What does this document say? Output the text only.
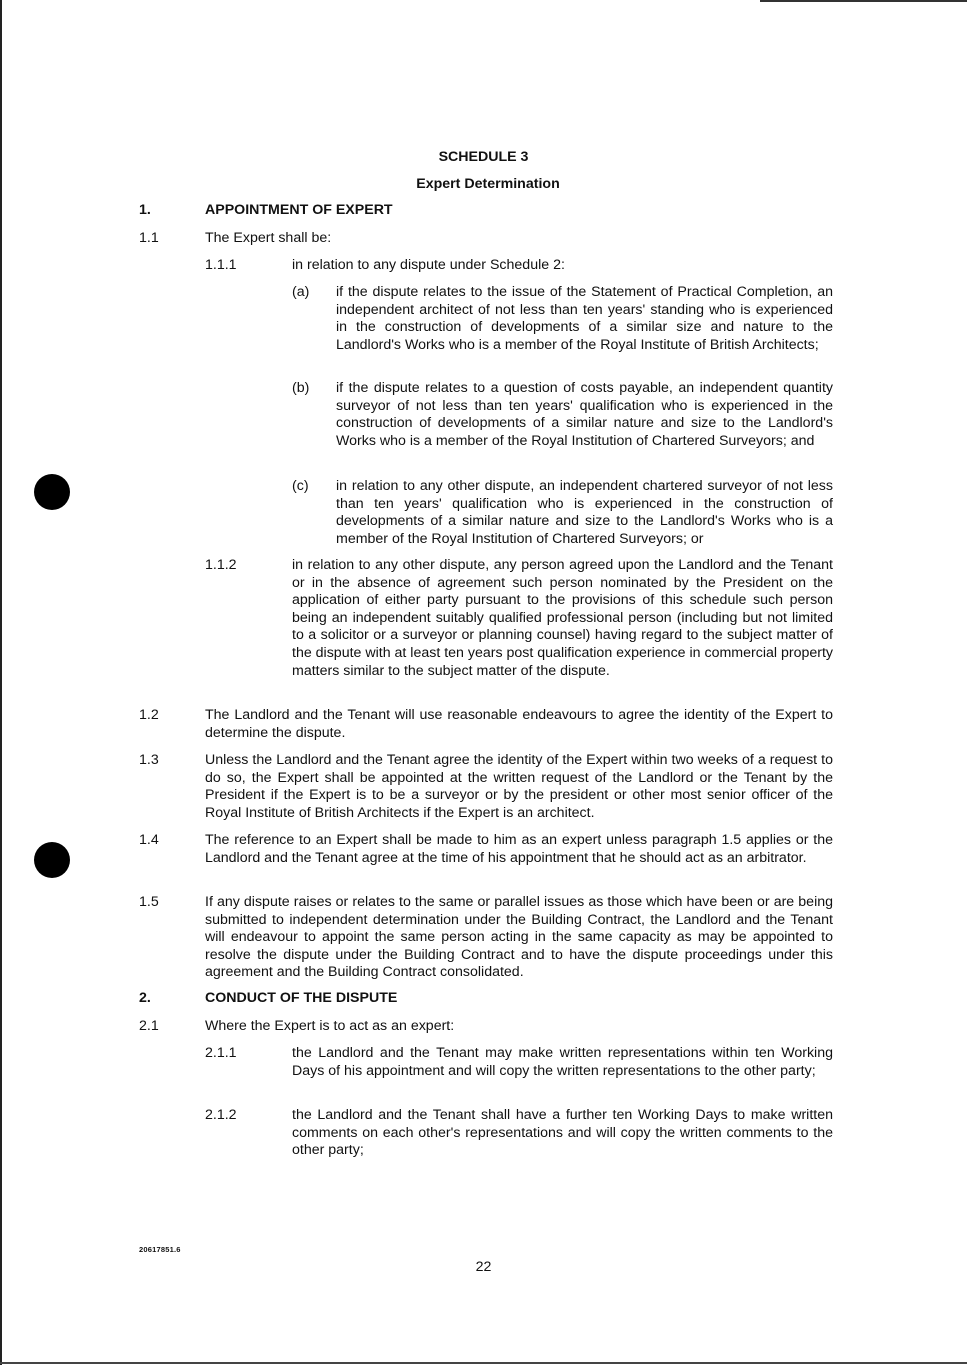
SCHEDULE 3
Expert Determination
1.	APPOINTMENT OF EXPERT
1.1	The Expert shall be:
1.1.1	in relation to any dispute under Schedule 2:
(a) if the dispute relates to the issue of the Statement of Practical Completion, an independent architect of not less than ten years' standing who is experienced in the construction of developments of a similar size and nature to the Landlord's Works who is a member of the Royal Institute of British Architects;
(b) if the dispute relates to a question of costs payable, an independent quantity surveyor of not less than ten years' qualification who is experienced in the construction of developments of a similar nature and size to the Landlord's Works who is a member of the Royal Institution of Chartered Surveyors; and
(c) in relation to any other dispute, an independent chartered surveyor of not less than ten years' qualification who is experienced in the construction of developments of a similar nature and size to the Landlord's Works who is a member of the Royal Institution of Chartered Surveyors; or
1.1.2	in relation to any other dispute, any person agreed upon the Landlord and the Tenant or in the absence of agreement such person nominated by the President on the application of either party pursuant to the provisions of this schedule such person being an independent suitably qualified professional person (including but not limited to a solicitor or a surveyor or planning counsel) having regard to the subject matter of the dispute with at least ten years post qualification experience in commercial property matters similar to the subject matter of the dispute.
1.2	The Landlord and the Tenant will use reasonable endeavours to agree the identity of the Expert to determine the dispute.
1.3	Unless the Landlord and the Tenant agree the identity of the Expert within two weeks of a request to do so, the Expert shall be appointed at the written request of the Landlord or the Tenant by the President if the Expert is to be a surveyor or by the president or other most senior officer of the Royal Institute of British Architects if the Expert is an architect.
1.4	The reference to an Expert shall be made to him as an expert unless paragraph 1.5 applies or the Landlord and the Tenant agree at the time of his appointment that he should act as an arbitrator.
1.5	If any dispute raises or relates to the same or parallel issues as those which have been or are being submitted to independent determination under the Building Contract, the Landlord and the Tenant will endeavour to appoint the same person acting in the same capacity as may be appointed to resolve the dispute under the Building Contract and to have the dispute proceedings under this agreement and the Building Contract consolidated.
2.	CONDUCT OF THE DISPUTE
2.1	Where the Expert is to act as an expert:
2.1.1	the Landlord and the Tenant may make written representations within ten Working Days of his appointment and will copy the written representations to the other party;
2.1.2	the Landlord and the Tenant shall have a further ten Working Days to make written comments on each other's representations and will copy the written comments to the other party;
20617851.6
22
